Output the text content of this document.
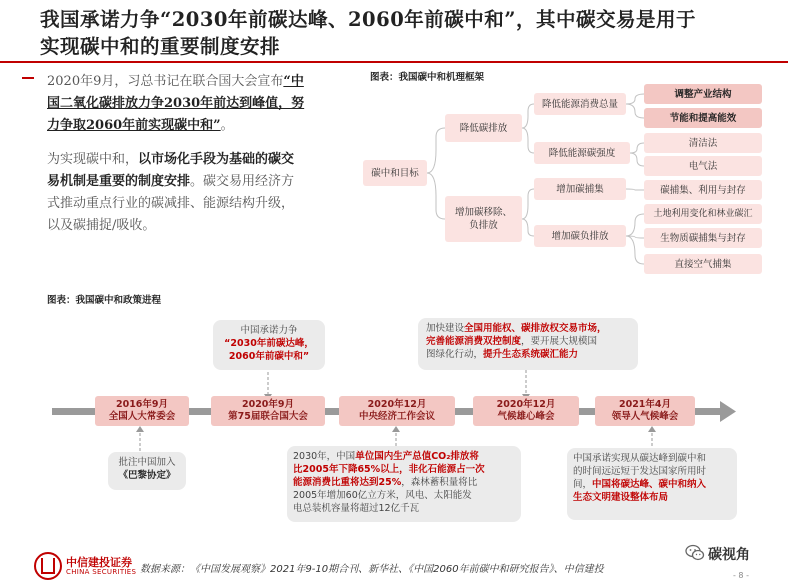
我国承诺力争“2030年前碳达峰、2060年前碳中和”，其中碳交易是用于
实现碳中和的重要制度安排
2020年9月，习总书记在联合国大会宣布“中
国二氧化碳排放力争2030年前达到峰值，努
力争取2060年前实现碳中和”。
为实现碳中和，以市场化手段为基础的碳交
易机制是重要的制度安排。碳交易用经济方
式推动重点行业的碳减排、能源结构升级，
以及碳捕捉/吸收。
图表：我国碳中和机理框架
碳中和目标
降低碳排放
增加碳移除、负排放
降低能源消费总量
降低能源碳强度
增加碳捕集
增加碳负排放
调整产业结构
节能和提高能效
清洁法
电气法
碳捕集、利用与封存
土地利用变化和林业碳汇
生物质碳捕集与封存
直接空气捕集
图表：我国碳中和政策进程
2016年9月
全国人大常委会
2020年9月
第75届联合国大会
2020年12月
中央经济工作会议
2020年12月
气候雄心峰会
2021年4月
领导人气候峰会
中国承诺力争
“2030年前碳达峰，
2060年前碳中和”
加快建设全国用能权、碳排放权交易市场，
完善能源消费双控制度，要开展大规模国
图绿化行动，提升生态系统碳汇能力
批注中国加入
《巴黎协定》
2030年，中国单位国内生产总值CO₂排放将
比2005年下降65%以上，非化石能源占一次
能源消费比重将达到25%，森林蓄积量将比
2005年增加60亿立方米，风电、太阳能发
电总装机容量将超过12亿千瓦
中国承诺实现从碳达峰到碳中和
的时间远远短于发达国家所用时
间，中国将碳达峰、碳中和纳入
生态文明建设整体布局
中信建投证券
CHINA SECURITIES 数据来源：《中国发展观察》2021年9-10期合刊、新华社、《中国2060年前碳中和研究报告》、中信建投
碳视角
- 8 -
